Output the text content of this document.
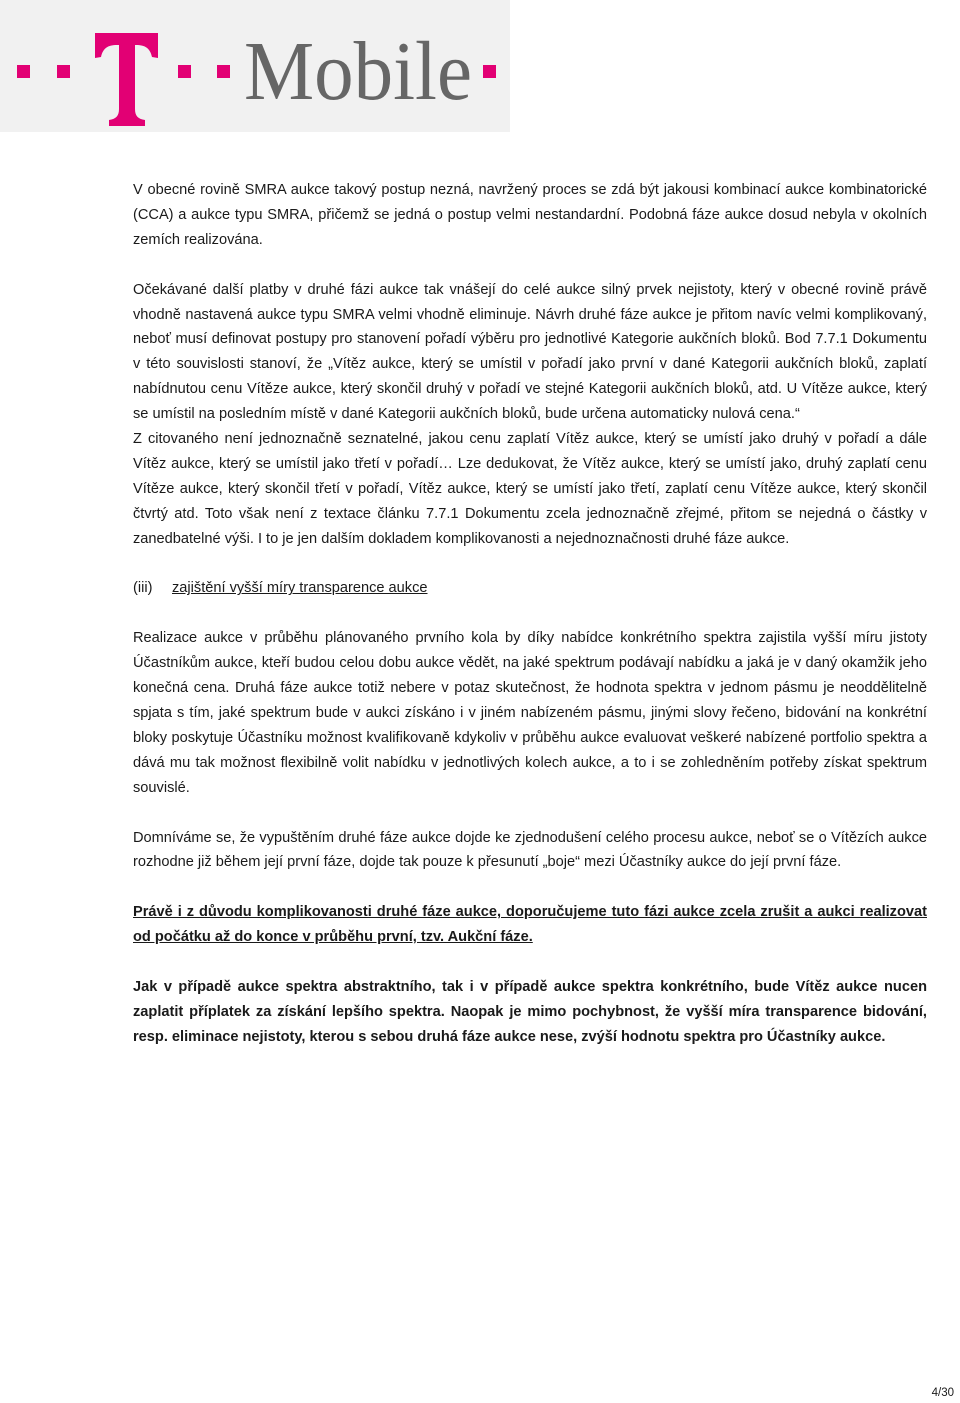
Mobile

V obecné rovině SMRA aukce takový postup nezná, navržený proces se zdá být jakousi kombinací aukce kombinatorické (CCA) a aukce typu SMRA, přičemž se jedná o postup velmi nestandardní. Podobná fáze aukce dosud nebyla v okolních zemích realizována.

Očekávané další platby v druhé fázi aukce tak vnášejí do celé aukce silný prvek nejistoty, který v obecné rovině právě vhodně nastavená aukce typu SMRA velmi vhodně eliminuje. Návrh druhé fáze aukce je přitom navíc velmi komplikovaný, neboť musí definovat postupy pro stanovení pořadí výběru pro jednotlivé Kategorie aukčních bloků. Bod 7.7.1 Dokumentu v této souvislosti stanoví, že „Vítěz aukce, který se umístil v pořadí jako první v dané Kategorii aukčních bloků, zaplatí nabídnutou cenu Vítěze aukce, který skončil druhý v pořadí ve stejné Kategorii aukčních bloků, atd. U Vítěze aukce, který se umístil na posledním místě v dané Kategorii aukčních bloků, bude určena automaticky nulová cena.“

Z citovaného není jednoznačně seznatelné, jakou cenu zaplatí Vítěz aukce, který se umístí jako druhý v pořadí a dále Vítěz aukce, který se umístil jako třetí v pořadí… Lze dedukovat, že Vítěz aukce, který se umístí jako, druhý zaplatí cenu Vítěze aukce, který skončil třetí v pořadí, Vítěz aukce, který se umístí jako třetí, zaplatí cenu Vítěze aukce, který skončil čtvrtý atd. Toto však není z textace článku 7.7.1 Dokumentu zcela jednoznačně zřejmé, přitom se nejedná o částky v zanedbatelné výši. I to je jen dalším dokladem komplikovanosti a nejednoznačnosti druhé fáze aukce.

(iii)	zajištění vyšší míry transparence aukce

Realizace aukce v průběhu plánovaného prvního kola by díky nabídce konkrétního spektra zajistila vyšší míru jistoty Účastníkům aukce, kteří budou celou dobu aukce vědět, na jaké spektrum podávají nabídku a jaká je v daný okamžik jeho konečná cena. Druhá fáze aukce totiž nebere v potaz skutečnost, že hodnota spektra v jednom pásmu je neoddělitelně spjata s tím, jaké spektrum bude v aukci získáno i v jiném nabízeném pásmu, jinými slovy řečeno, bidování na konkrétní bloky poskytuje Účastníku možnost kvalifikovaně kdykoliv v průběhu aukce evaluovat veškeré nabízené portfolio spektra a dává mu tak možnost flexibilně volit nabídku v jednotlivých kolech aukce, a to i se zohledněním potřeby získat spektrum souvislé.

Domníváme se, že vypuštěním druhé fáze aukce dojde ke zjednodušení celého procesu aukce, neboť se o Vítězích aukce rozhodne již během její první fáze, dojde tak pouze k přesunutí „boje“ mezi Účastníky aukce do její první fáze.

Právě i z důvodu komplikovanosti druhé fáze aukce, doporučujeme tuto fázi aukce zcela zrušit a aukci realizovat od počátku až do konce v průběhu první, tzv. Aukční fáze.

Jak v případě aukce spektra abstraktního, tak i v případě aukce spektra konkrétního, bude Vítěz aukce nucen zaplatit příplatek za získání lepšího spektra. Naopak je mimo pochybnost, že vyšší míra transparence bidování, resp. eliminace nejistoty, kterou s sebou druhá fáze aukce nese, zvýší hodnotu spektra pro Účastníky aukce.

4/30
